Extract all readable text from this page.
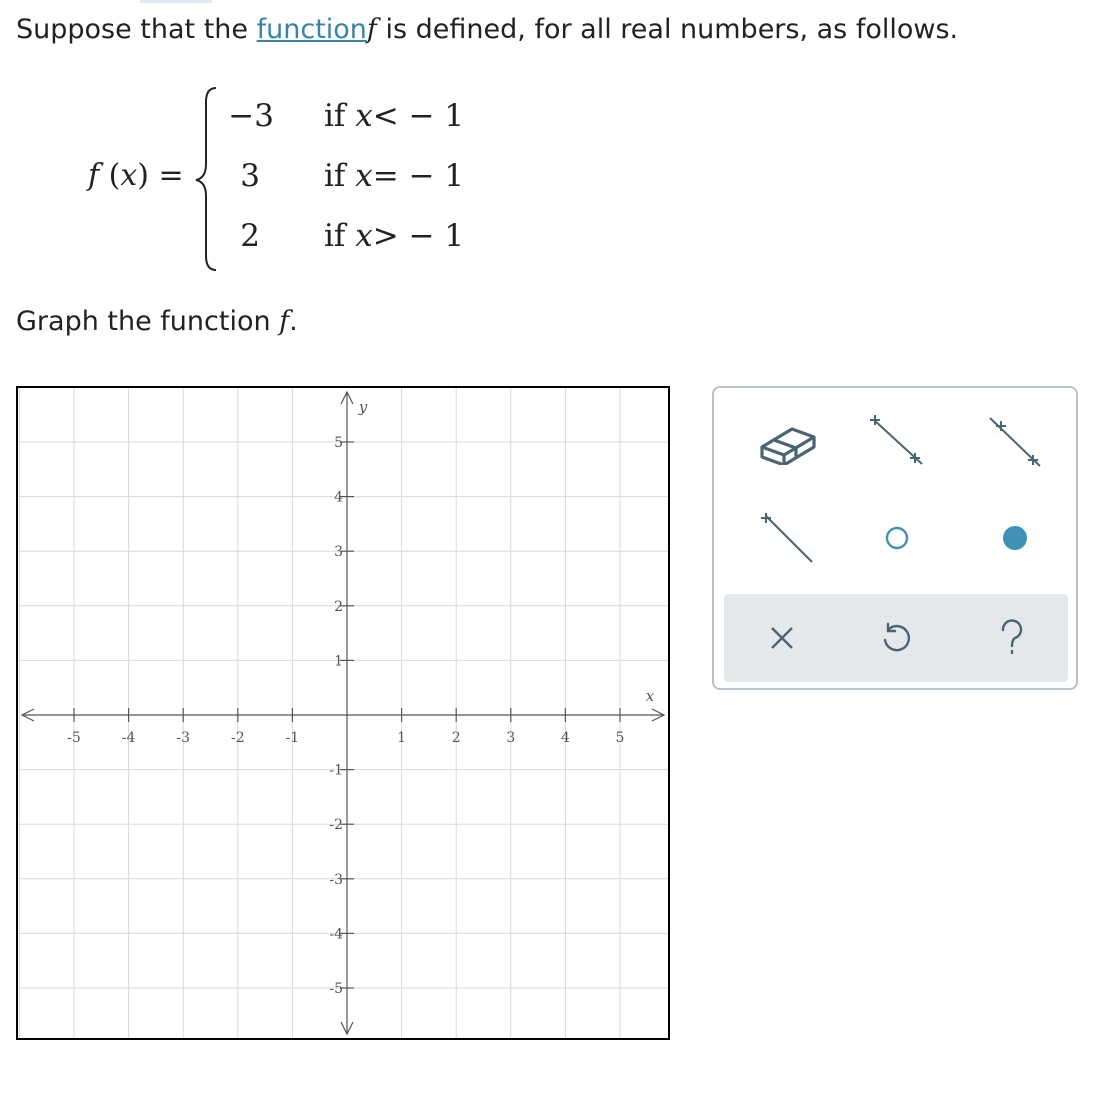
Suppose that the functionf is defined, for all real numbers, as follows.
f (x) =
−3 if x< − 1
3 if x= − 1
2 if x> − 1
Graph the function f.
-5	-4	-3	-2	-1	1	2	3	4	5
5
4
3
2
1
-1
-2
-3
-4
-5
x
y
